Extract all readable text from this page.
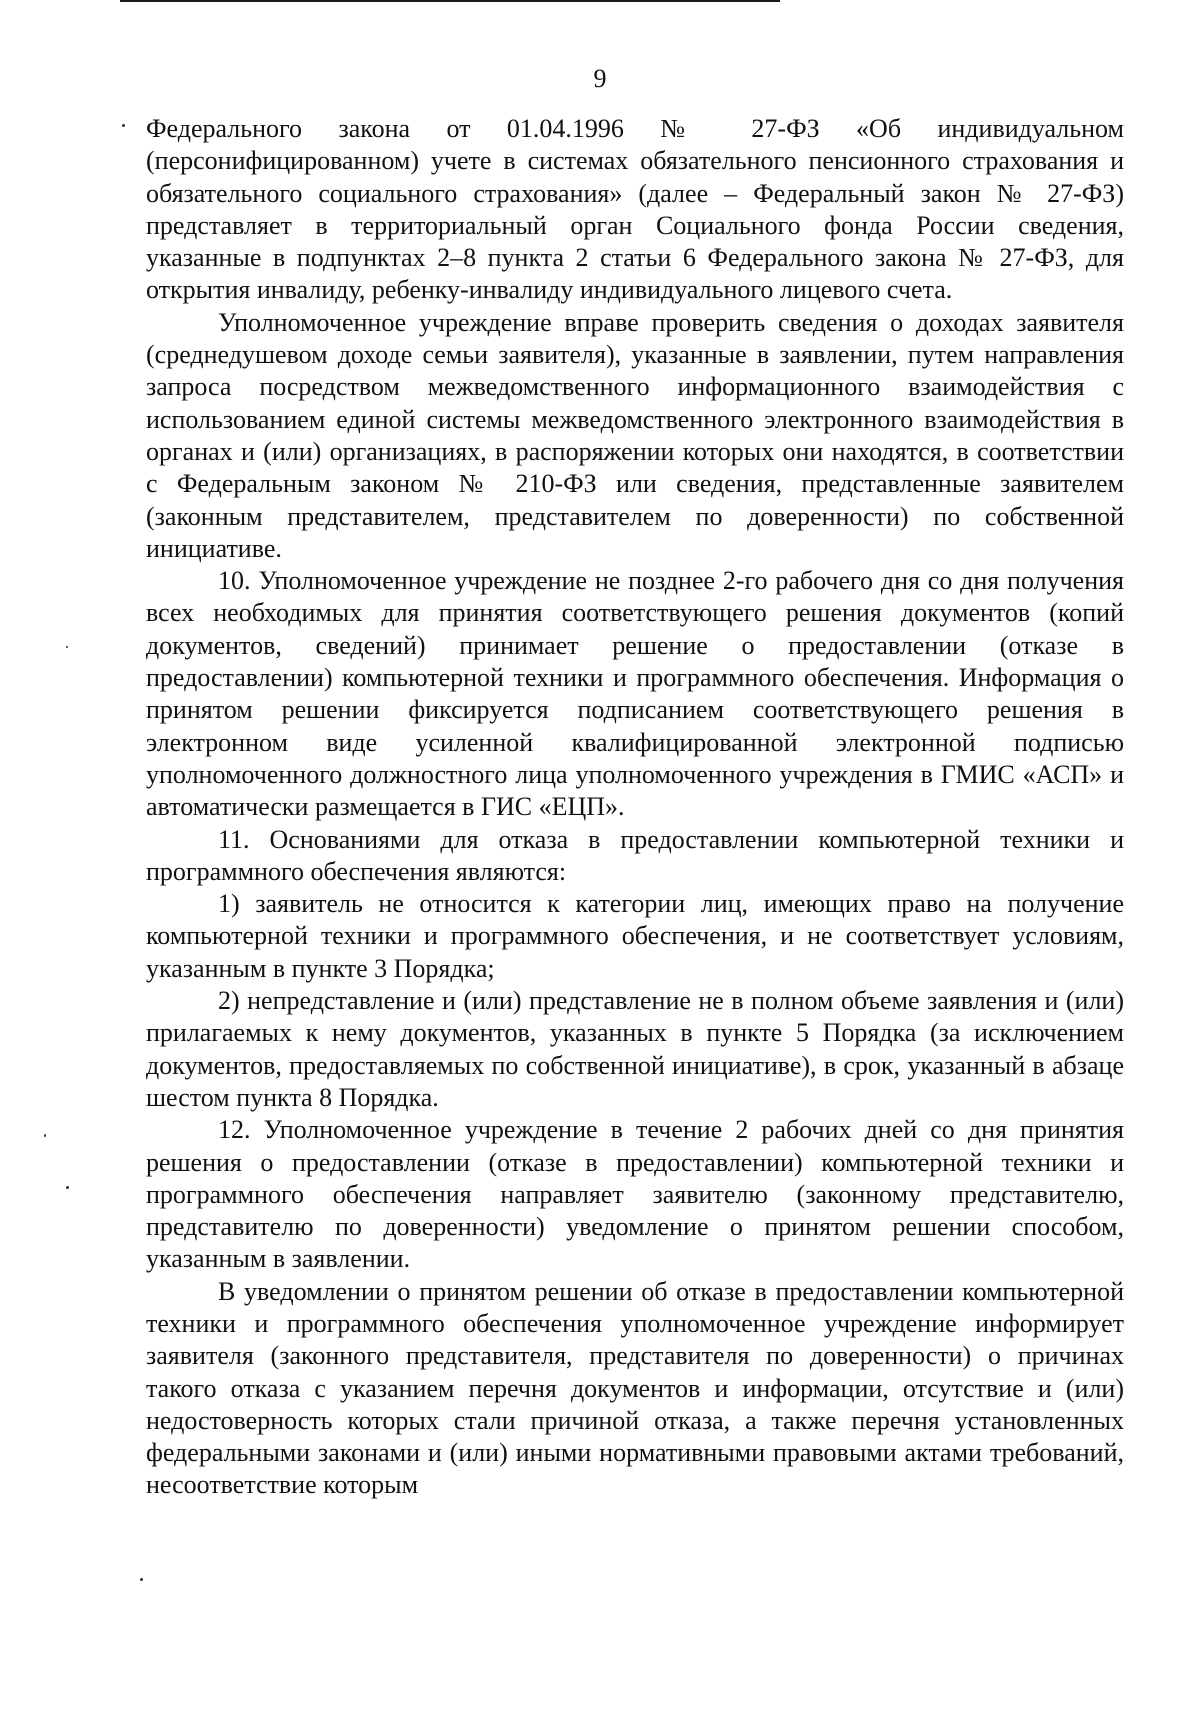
9

Федерального закона от 01.04.1996 № 27-ФЗ «Об индивидуальном (персонифицированном) учете в системах обязательного пенсионного страхования и обязательного социального страхования» (далее – Федеральный закон № 27-ФЗ) представляет в территориальный орган Социального фонда России сведения, указанные в подпунктах 2–8 пункта 2 статьи 6 Федерального закона № 27-ФЗ, для открытия инвалиду, ребенку-инвалиду индивидуального лицевого счета.

Уполномоченное учреждение вправе проверить сведения о доходах заявителя (среднедушевом доходе семьи заявителя), указанные в заявлении, путем направления запроса посредством межведомственного информационного взаимодействия с использованием единой системы межведомственного электронного взаимодействия в органах и (или) организациях, в распоряжении которых они находятся, в соответствии с Федеральным законом № 210-ФЗ или сведения, представленные заявителем (законным представителем, представителем по доверенности) по собственной инициативе.

10. Уполномоченное учреждение не позднее 2-го рабочего дня со дня получения всех необходимых для принятия соответствующего решения документов (копий документов, сведений) принимает решение о предоставлении (отказе в предоставлении) компьютерной техники и программного обеспечения. Информация о принятом решении фиксируется подписанием соответствующего решения в электронном виде усиленной квалифицированной электронной подписью уполномоченного должностного лица уполномоченного учреждения в ГМИС «АСП» и автоматически размещается в ГИС «ЕЦП».

11. Основаниями для отказа в предоставлении компьютерной техники и программного обеспечения являются:

1) заявитель не относится к категории лиц, имеющих право на получение компьютерной техники и программного обеспечения, и не соответствует условиям, указанным в пункте 3 Порядка;

2) непредставление и (или) представление не в полном объеме заявления и (или) прилагаемых к нему документов, указанных в пункте 5 Порядка (за исключением документов, предоставляемых по собственной инициативе), в срок, указанный в абзаце шестом пункта 8 Порядка.

12. Уполномоченное учреждение в течение 2 рабочих дней со дня принятия решения о предоставлении (отказе в предоставлении) компьютерной техники и программного обеспечения направляет заявителю (законному представителю, представителю по доверенности) уведомление о принятом решении способом, указанным в заявлении.

В уведомлении о принятом решении об отказе в предоставлении компьютерной техники и программного обеспечения уполномоченное учреждение информирует заявителя (законного представителя, представителя по доверенности) о причинах такого отказа с указанием перечня документов и информации, отсутствие и (или) недостоверность которых стали причиной отказа, а также перечня установленных федеральными законами и (или) иными нормативными правовыми актами требований, несоответствие которым
